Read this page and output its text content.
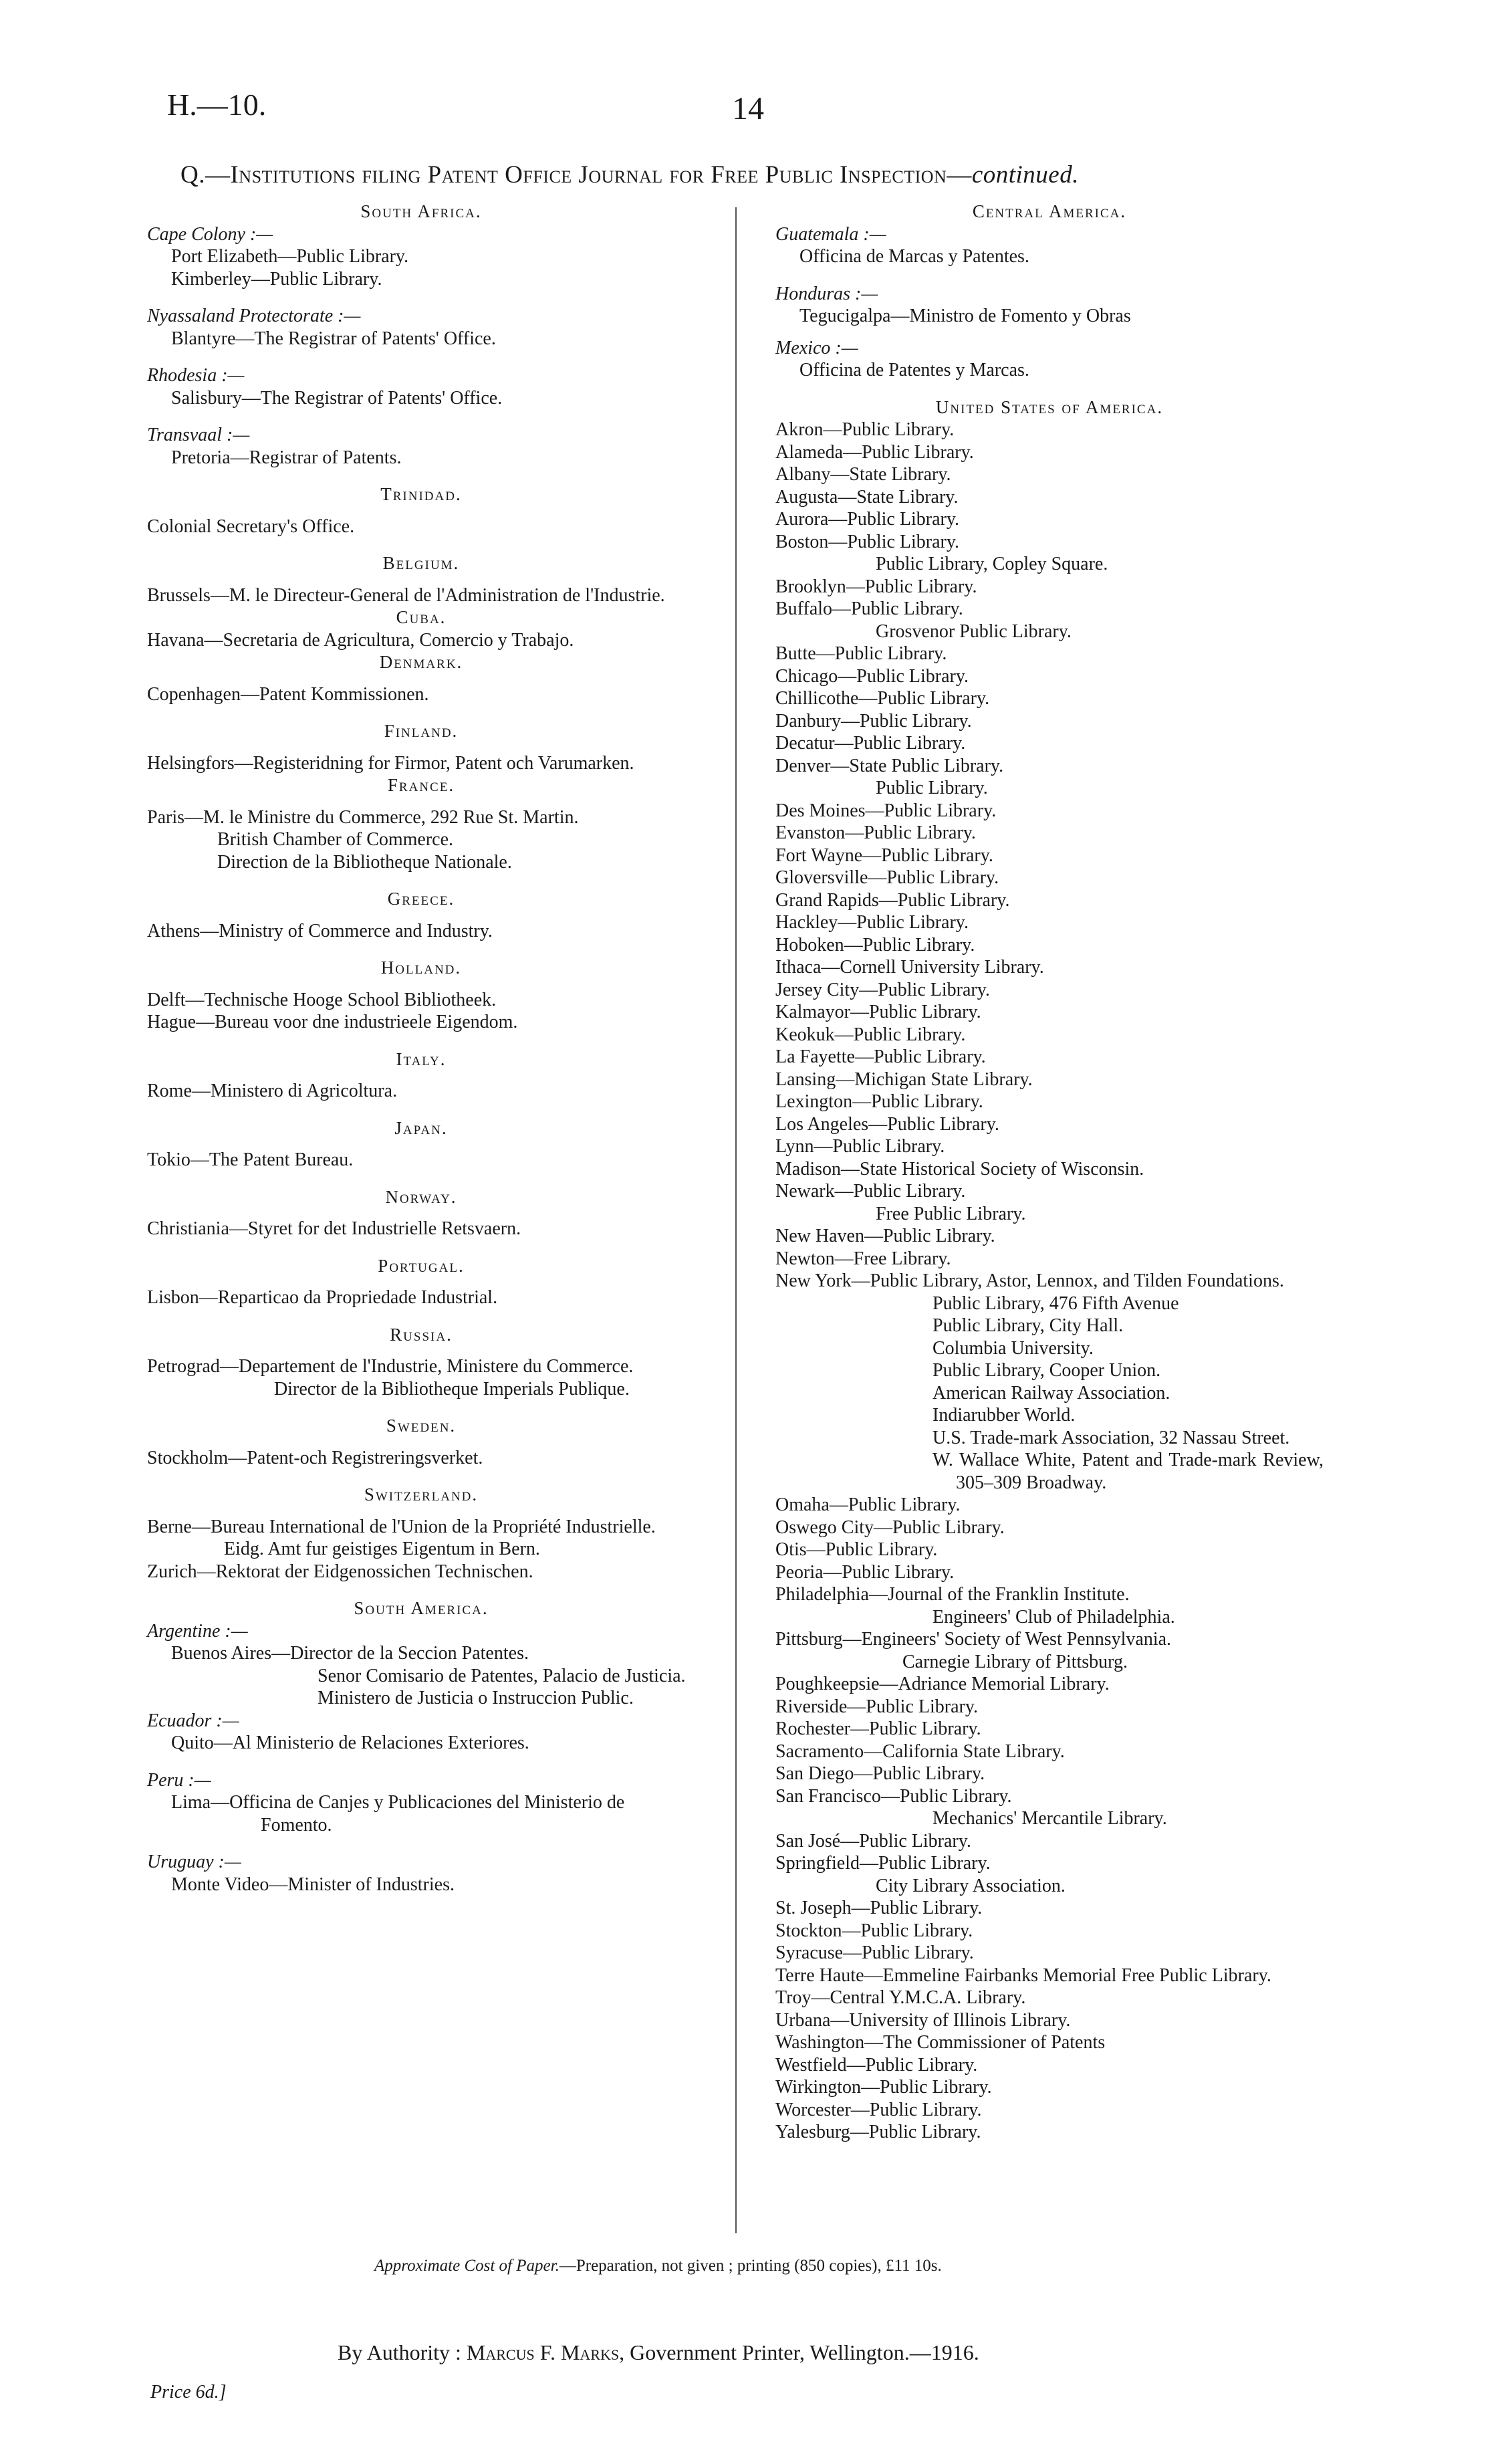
H.—10.	14
Q.—Institutions filing Patent Office Journal for Free Public Inspection—continued.
South Africa.
Cape Colony :—
Port Elizabeth—Public Library.
Kimberley—Public Library.
Nyassaland Protectorate :—
Blantyre—The Registrar of Patents' Office.
Rhodesia :—
Salisbury—The Registrar of Patents' Office.
Transvaal :—
Pretoria—Registrar of Patents.
Trinidad.
Colonial Secretary's Office.
Belgium.
Brussels—M. le Directeur-General de l'Administration de l'Industrie.
Cuba.
Havana—Secretaria de Agricultura, Comercio y Trabajo.
Denmark.
Copenhagen—Patent Kommissionen.
Finland.
Helsingfors—Registeridning for Firmor, Patent och Varumarken.
France.
Paris—M. le Ministre du Commerce, 292 Rue St. Martin.
British Chamber of Commerce.
Direction de la Bibliotheque Nationale.
Greece.
Athens—Ministry of Commerce and Industry.
Holland.
Delft—Technische Hooge School Bibliotheek.
Hague—Bureau voor dne industrieele Eigendom.
Italy.
Rome—Ministero di Agricoltura.
Japan.
Tokio—The Patent Bureau.
Norway.
Christiania—Styret for det Industrielle Retsvaern.
Portugal.
Lisbon—Reparticao da Propriedade Industrial.
Russia.
Petrograd—Departement de l'Industrie, Ministere du Commerce.
Director de la Bibliotheque Imperials Publique.
Sweden.
Stockholm—Patent-och Registreringsverket.
Switzerland.
Berne—Bureau International de l'Union de la Propriété Industrielle.
Eidg. Amt fur geistiges Eigentum in Bern.
Zurich—Rektorat der Eidgenossichen Technischen.
South America.
Argentine :—
Buenos Aires—Director de la Seccion Patentes.
Senor Comisario de Patentes, Palacio de Justicia.
Ministero de Justicia o Instruccion Public.
Ecuador :—
Quito—Al Ministerio de Relaciones Exteriores.
Peru :—
Lima—Officina de Canjes y Publicaciones del Ministerio de Fomento.
Uruguay :—
Monte Video—Minister of Industries.
Central America.
Guatemala :—
Officina de Marcas y Patentes.
Honduras :—
Tegucigalpa—Ministro de Fomento y Obras
Mexico :—
Officina de Patentes y Marcas.
United States of America.
Akron—Public Library.
Alameda—Public Library.
Albany—State Library.
Augusta—State Library.
Aurora—Public Library.
Boston—Public Library.
Public Library, Copley Square.
Brooklyn—Public Library.
Buffalo—Public Library.
Grosvenor Public Library.
Butte—Public Library.
Chicago—Public Library.
Chillicothe—Public Library.
Danbury—Public Library.
Decatur—Public Library.
Denver—State Public Library.
Public Library.
Des Moines—Public Library.
Evanston—Public Library.
Fort Wayne—Public Library.
Gloversville—Public Library.
Grand Rapids—Public Library.
Hackley—Public Library.
Hoboken—Public Library.
Ithaca—Cornell University Library.
Jersey City—Public Library.
Kalmayor—Public Library.
Keokuk—Public Library.
La Fayette—Public Library.
Lansing—Michigan State Library.
Lexington—Public Library.
Los Angeles—Public Library.
Lynn—Public Library.
Madison—State Historical Society of Wisconsin.
Newark—Public Library.
Free Public Library.
New Haven—Public Library.
Newton—Free Library.
New York—Public Library, Astor, Lennox, and Tilden Foundations.
Public Library, 476 Fifth Avenue
Public Library, City Hall.
Columbia University.
Public Library, Cooper Union.
American Railway Association.
Indiarubber World.
U.S. Trade-mark Association, 32 Nassau Street.
W. Wallace White, Patent and Trade-mark Review, 305–309 Broadway.
Omaha—Public Library.
Oswego City—Public Library.
Otis—Public Library.
Peoria—Public Library.
Philadelphia—Journal of the Franklin Institute.
Engineers' Club of Philadelphia.
Pittsburg—Engineers' Society of West Pennsylvania.
Carnegie Library of Pittsburg.
Poughkeepsie—Adriance Memorial Library.
Riverside—Public Library.
Rochester—Public Library.
Sacramento—California State Library.
San Diego—Public Library.
San Francisco—Public Library.
Mechanics' Mercantile Library.
San José—Public Library.
Springfield—Public Library.
City Library Association.
St. Joseph—Public Library.
Stockton—Public Library.
Syracuse—Public Library.
Terre Haute—Emmeline Fairbanks Memorial Free Public Library.
Troy—Central Y.M.C.A. Library.
Urbana—University of Illinois Library.
Washington—The Commissioner of Patents
Westfield—Public Library.
Wirkington—Public Library.
Worcester—Public Library.
Yalesburg—Public Library.
Approximate Cost of Paper.—Preparation, not given ; printing (850 copies), £11 10s.
By Authority : Marcus F. Marks, Government Printer, Wellington.—1916.
Price 6d.]
